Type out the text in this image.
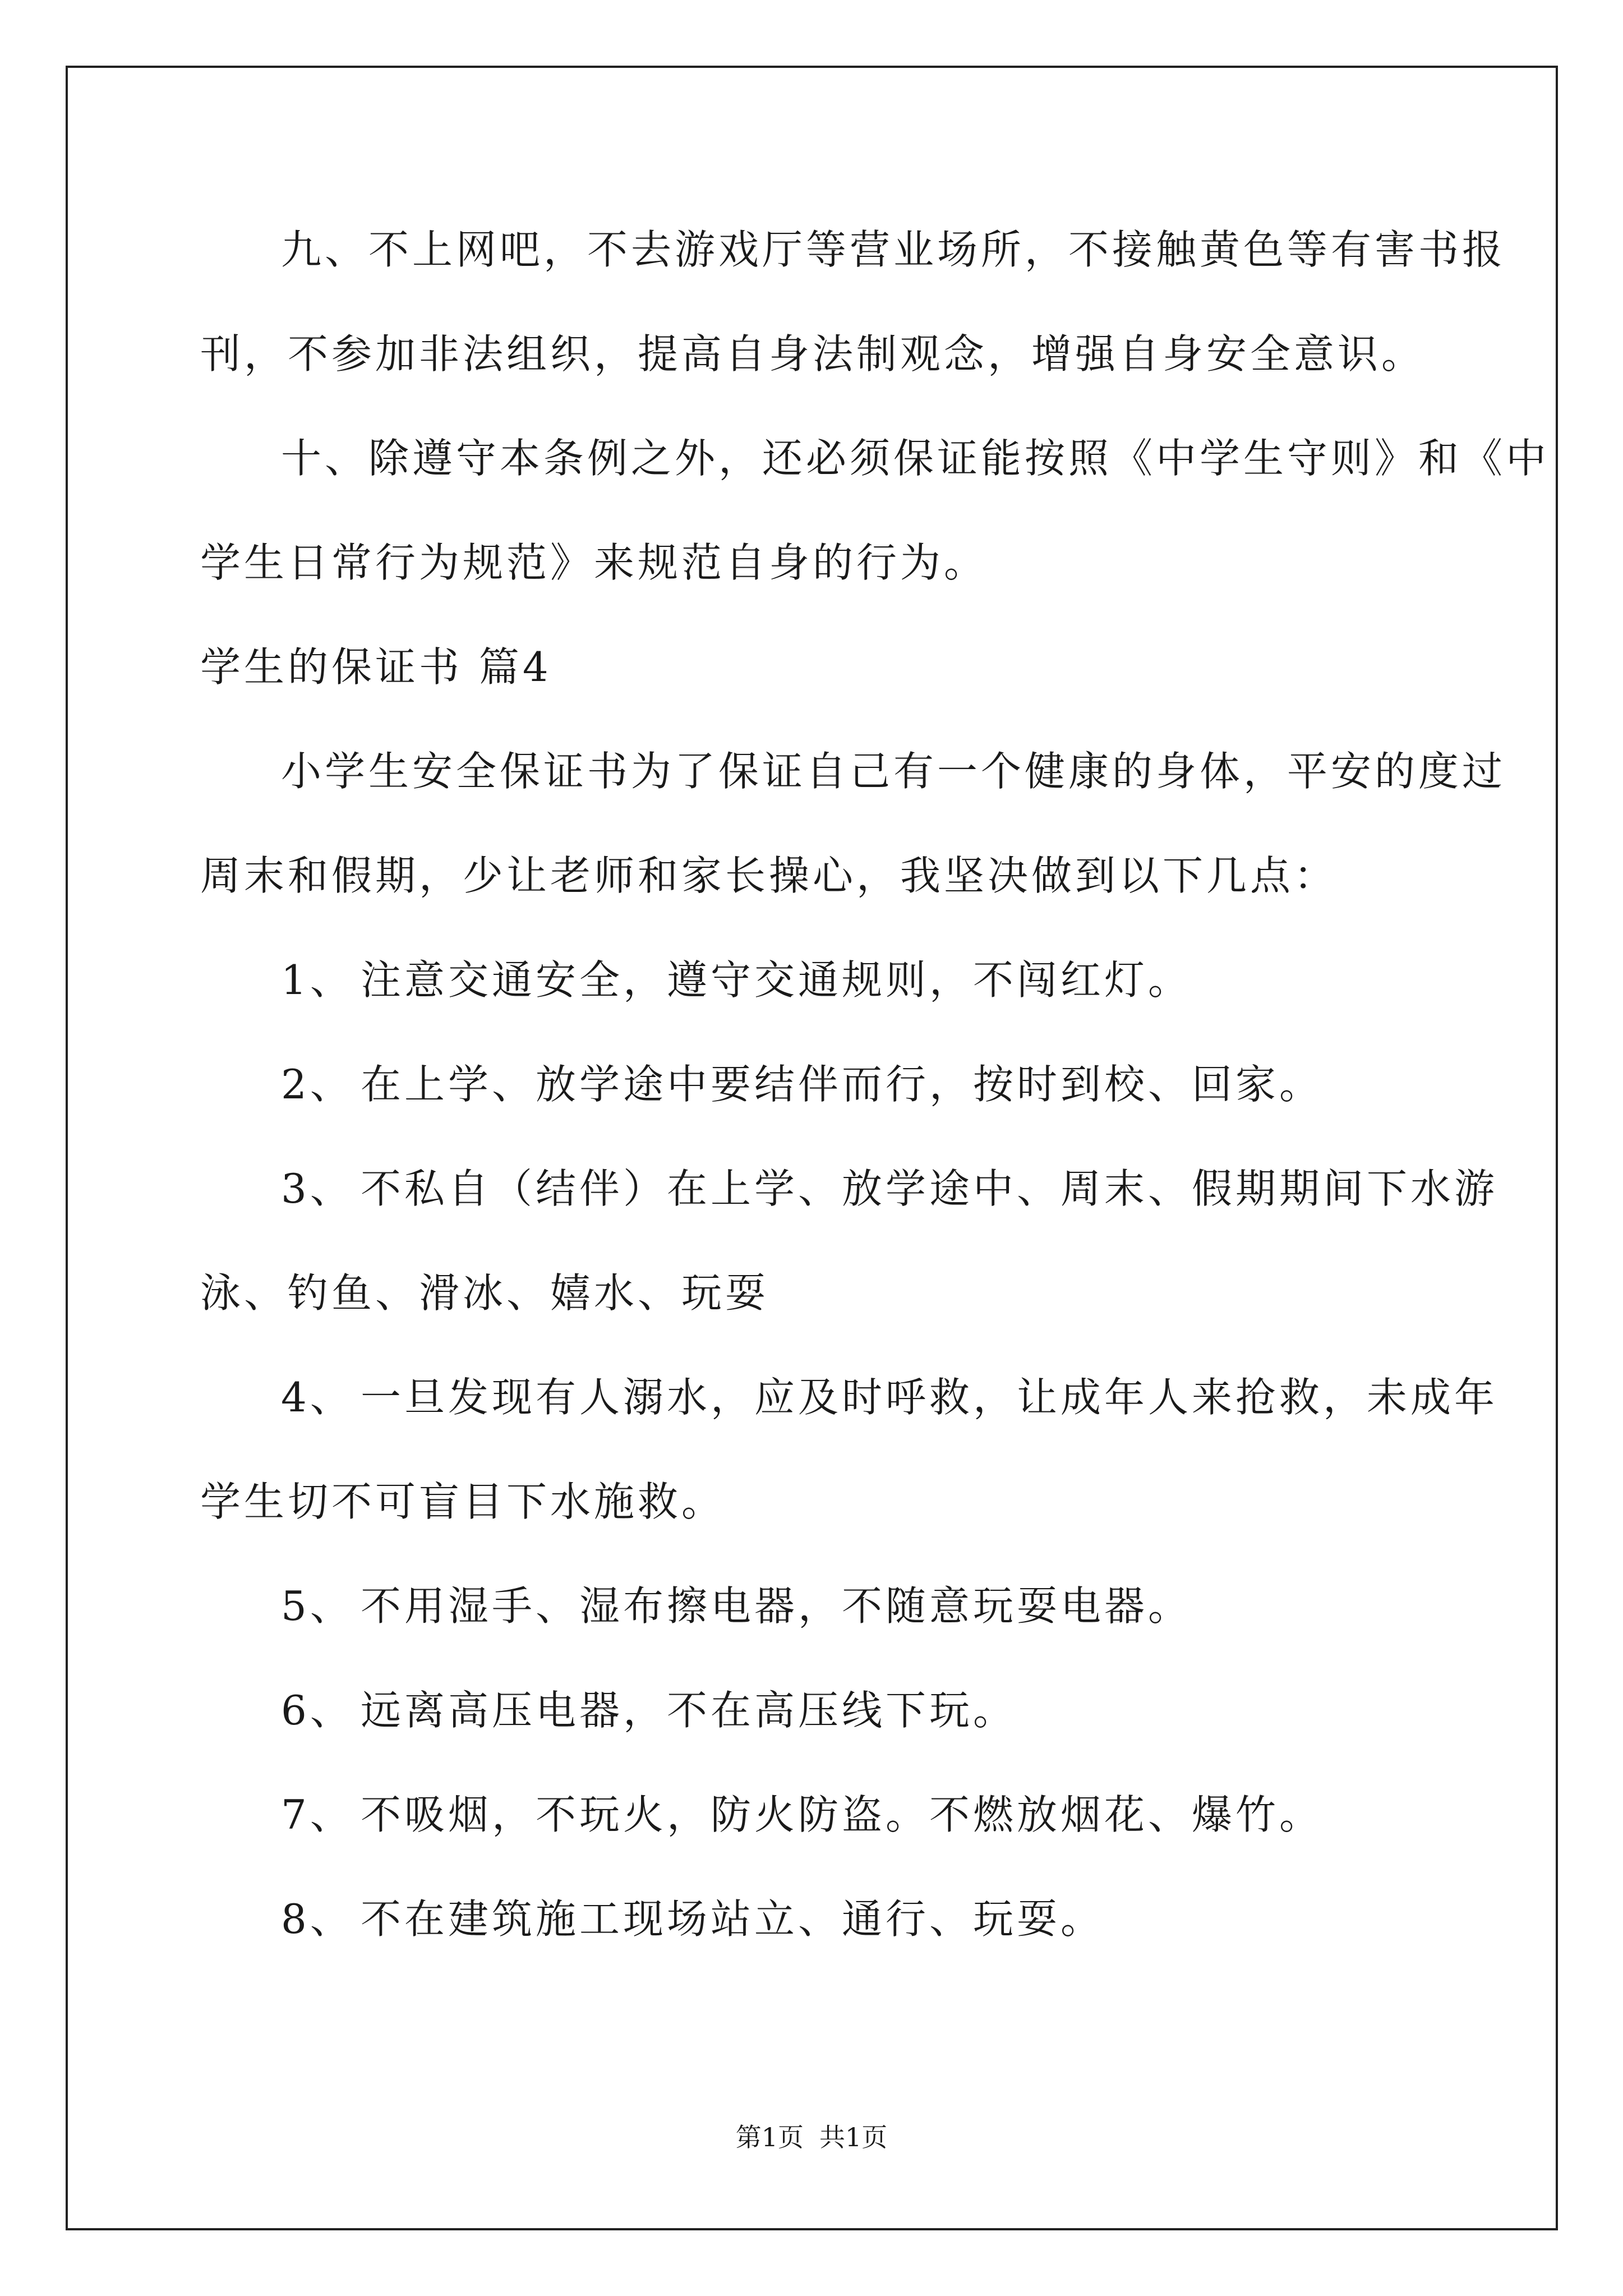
九、不上网吧，不去游戏厅等营业场所，不接触黄色等有害书报
刊，不参加非法组织，提高自身法制观念，增强自身安全意识。
十、除遵守本条例之外，还必须保证能按照《中学生守则》和《中
学生日常行为规范》来规范自身的行为。
学生的保证书 篇4
小学生安全保证书为了保证自己有一个健康的身体，平安的度过
周末和假期，少让老师和家长操心，我坚决做到以下几点：
1、 注意交通安全，遵守交通规则，不闯红灯。
2、 在上学、放学途中要结伴而行，按时到校、回家。
3、 不私自（结伴）在上学、放学途中、周末、假期期间下水游
泳、钓鱼、滑冰、嬉水、玩耍
4、 一旦发现有人溺水，应及时呼救，让成年人来抢救，未成年
学生切不可盲目下水施救。
5、 不用湿手、湿布擦电器，不随意玩耍电器。
6、 远离高压电器，不在高压线下玩。
7、 不吸烟，不玩火，防火防盗。不燃放烟花、爆竹。
8、 不在建筑施工现场站立、通行、玩耍。
第1页 共1页
